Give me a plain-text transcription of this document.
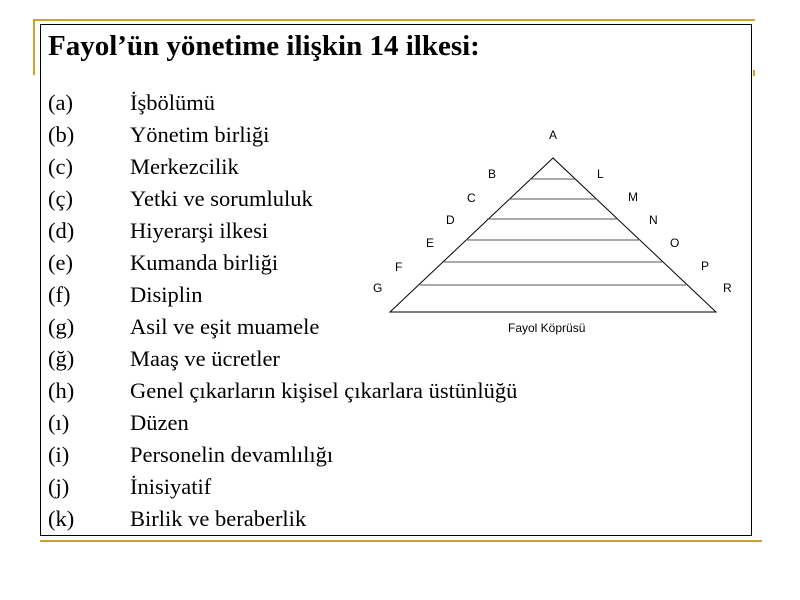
Fayol’ün yönetime ilişkin 14 ilkesi:
(a)	İşbölümü
(b) Yönetim birliği
(c)	Merkezcilik
(ç)	Yetki ve sorumluluk
(d) Hiyerarşi ilkesi
(e)	Kumanda birliği
(f)	Disiplin
(g) Asil ve eşit muamele
(ğ) Maaş ve ücretler
(h) Genel çıkarların kişisel çıkarlara üstünlüğü
(ı)	Düzen
(i)	Personelin devamlılığı
(j)	İnisiyatif
(k) Birlik ve beraberlik
A
B
C
D
E
F
G
L
M
N
O
P
R
Fayol Köprüsü
